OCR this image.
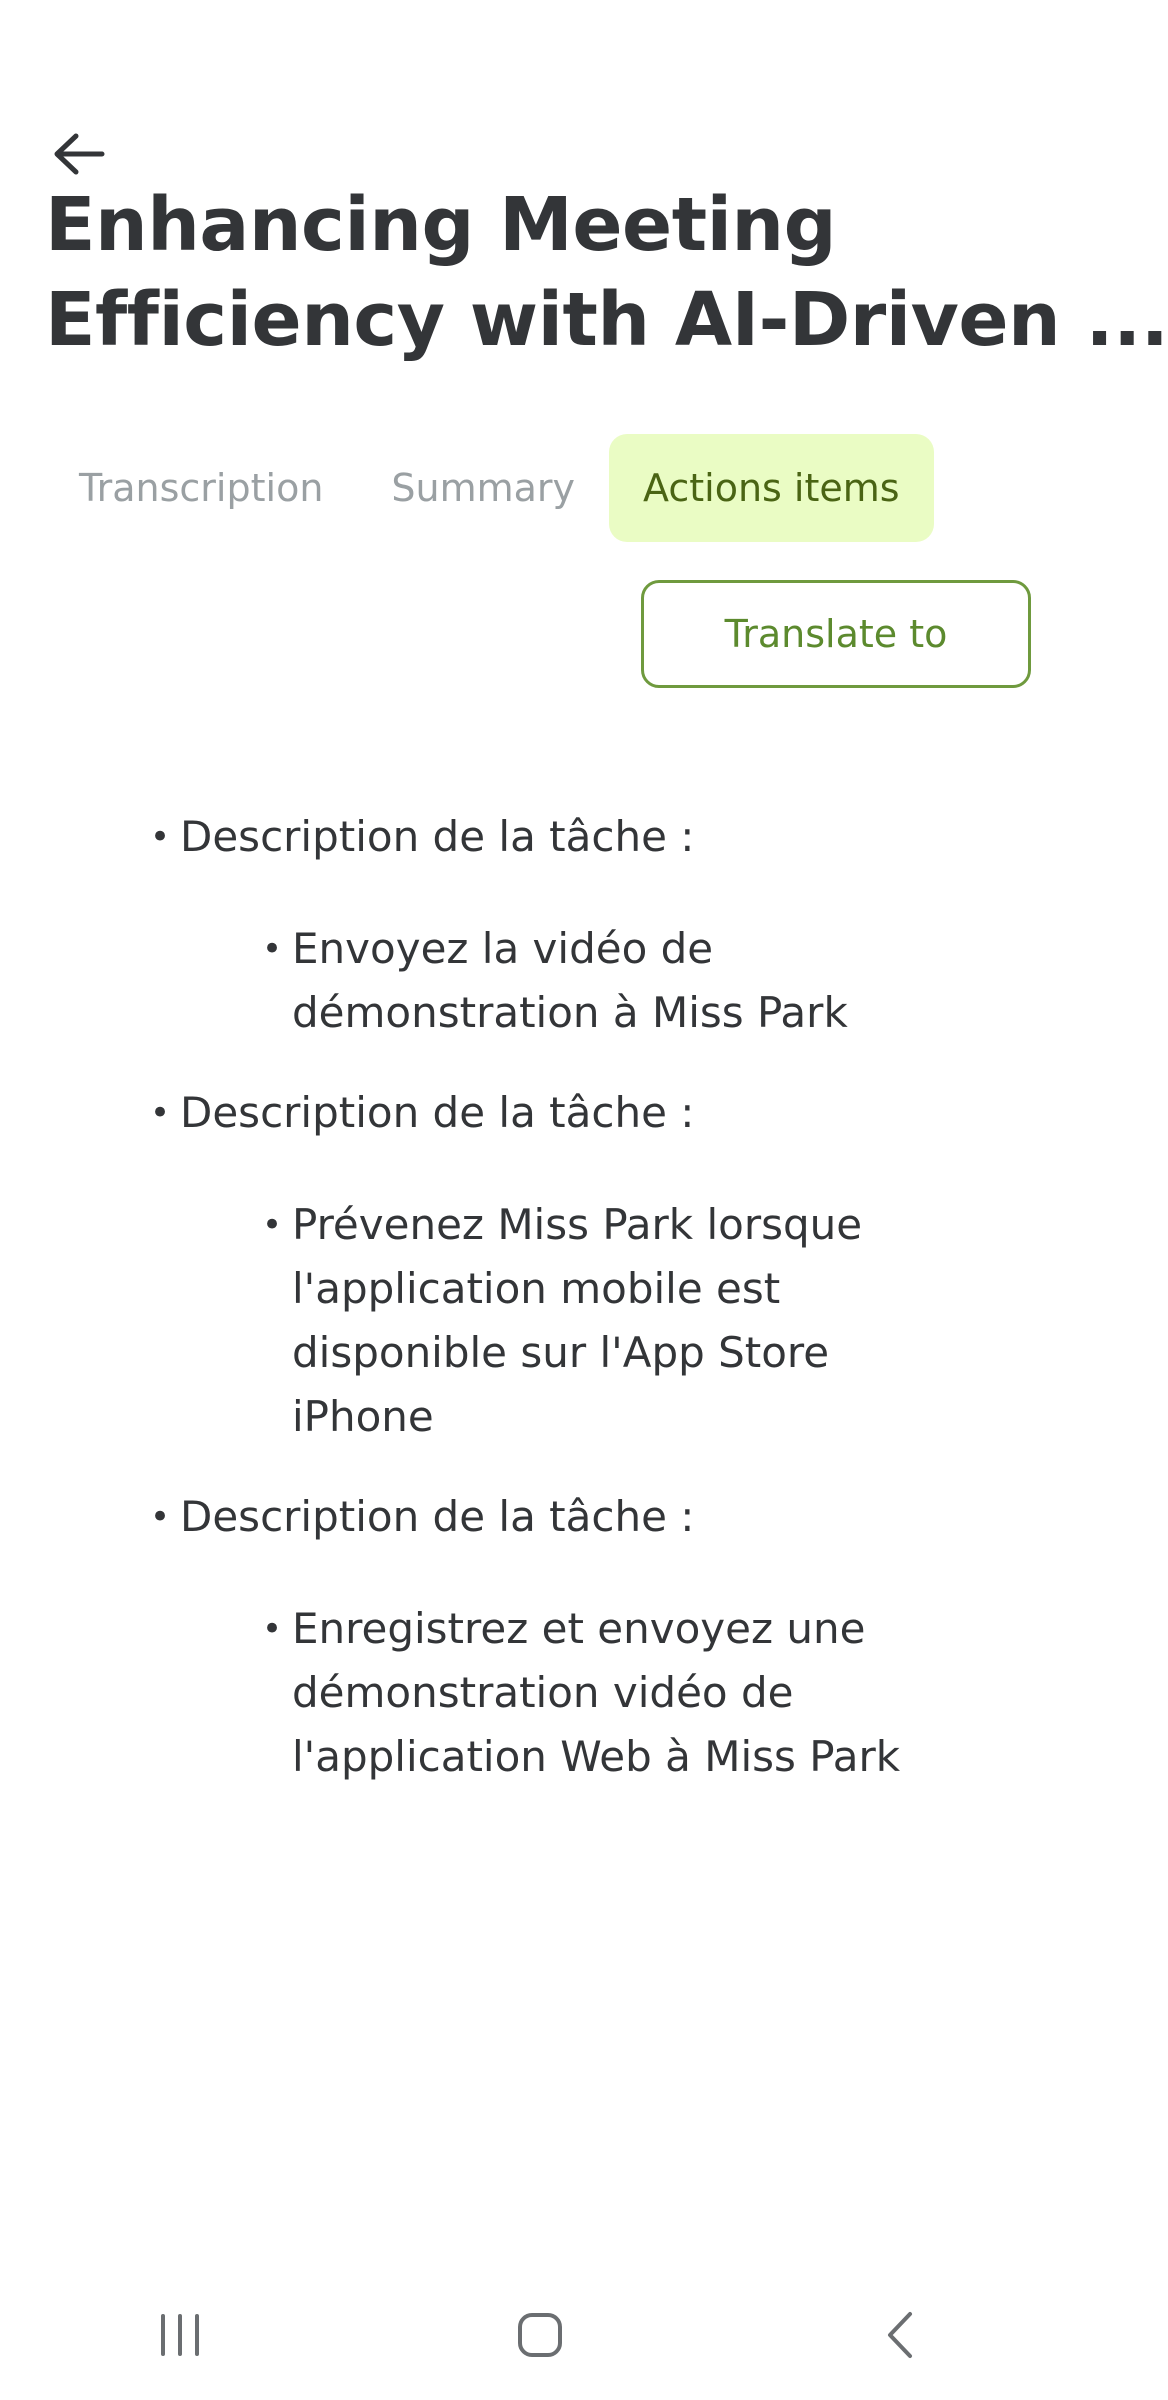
Enhancing Meeting
Efficiency with AI-Driven ...
Transcription	Summary	Actions items
Translate to
• Description de la tâche :
• Envoyez la vidéo de démonstration à Miss Park
• Description de la tâche :
• Prévenez Miss Park lorsque l'application mobile est disponible sur l'App Store iPhone
• Description de la tâche :
• Enregistrez et envoyez une démonstration vidéo de l'application Web à Miss Park
